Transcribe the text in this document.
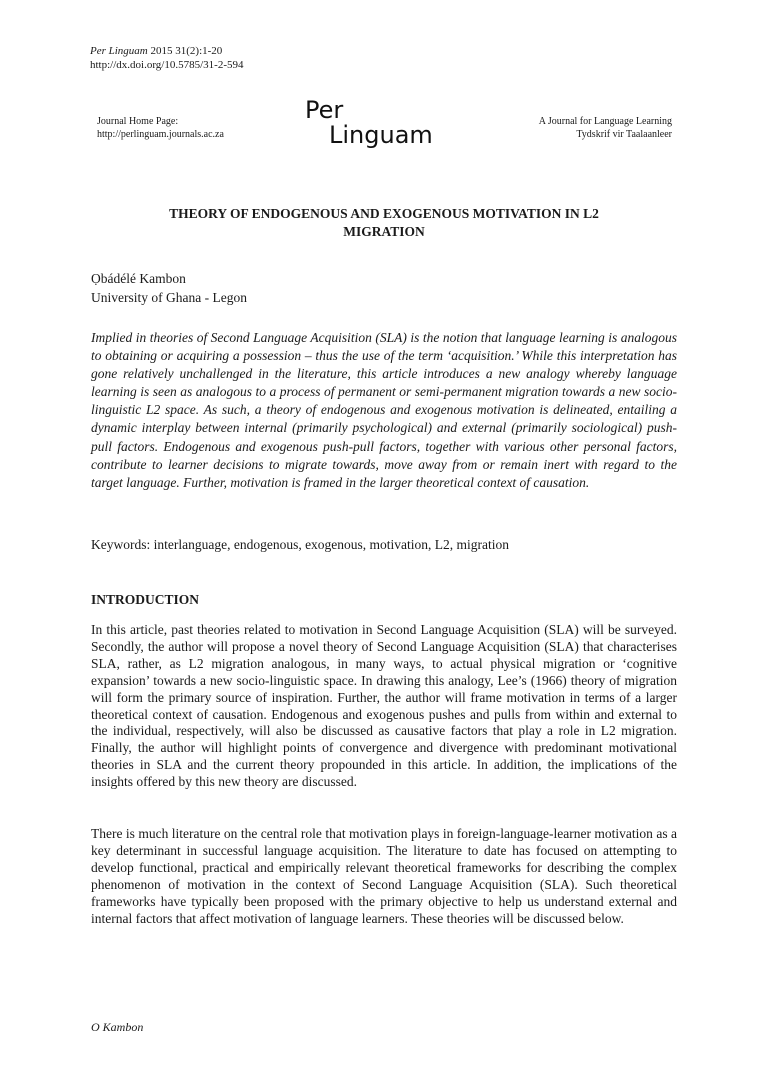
Per Linguam 2015 31(2):1-20
http://dx.doi.org/10.5785/31-2-594
Journal Home Page:
http://perlinguam.journals.ac.za
Per
Linguam	A Journal for Language Learning
Tydskrif vir Taalaanleer
THEORY OF ENDOGENOUS AND EXOGENOUS MOTIVATION IN L2
MIGRATION
Ọbádélé Kambon
University of Ghana - Legon

Implied in theories of Second Language Acquisition (SLA) is the notion that language learning is analogous to obtaining or acquiring a possession – thus the use of the term ‘acquisition.’ While this interpretation has gone relatively unchallenged in the literature, this article introduces a new analogy whereby language learning is seen as analogous to a process of permanent or semi-permanent migration towards a new socio-linguistic L2 space. As such, a theory of endogenous and exogenous motivation is delineated, entailing a dynamic interplay between internal (primarily psychological) and external (primarily sociological) push-pull factors. Endogenous and exogenous push-pull factors, together with various other personal factors, contribute to learner decisions to migrate towards, move away from or remain inert with regard to the target language. Further, motivation is framed in the larger theoretical context of causation.

Keywords: interlanguage, endogenous, exogenous, motivation, L2, migration
INTRODUCTION

In this article, past theories related to motivation in Second Language Acquisition (SLA) will be surveyed. Secondly, the author will propose a novel theory of Second Language Acquisition (SLA) that characterises SLA, rather, as L2 migration analogous, in many ways, to actual physical migration or ‘cognitive expansion’ towards a new socio-linguistic space. In drawing this analogy, Lee’s (1966) theory of migration will form the primary source of inspiration. Further, the author will frame motivation in terms of a larger theoretical context of causation. Endogenous and exogenous pushes and pulls from within and external to the individual, respectively, will also be discussed as causative factors that play a role in L2 migration. Finally, the author will highlight points of convergence and divergence with predominant motivational theories in SLA and the current theory propounded in this article. In addition, the implications of the insights offered by this new theory are discussed.

There is much literature on the central role that motivation plays in foreign-language-learner motivation as a key determinant in successful language acquisition. The literature to date has focused on attempting to develop functional, practical and empirically relevant theoretical frameworks for describing the complex phenomenon of motivation in the context of Second Language Acquisition (SLA). Such theoretical frameworks have typically been proposed with the primary objective to help us understand external and internal factors that affect motivation of language learners. These theories will be discussed below.

O Kambon
